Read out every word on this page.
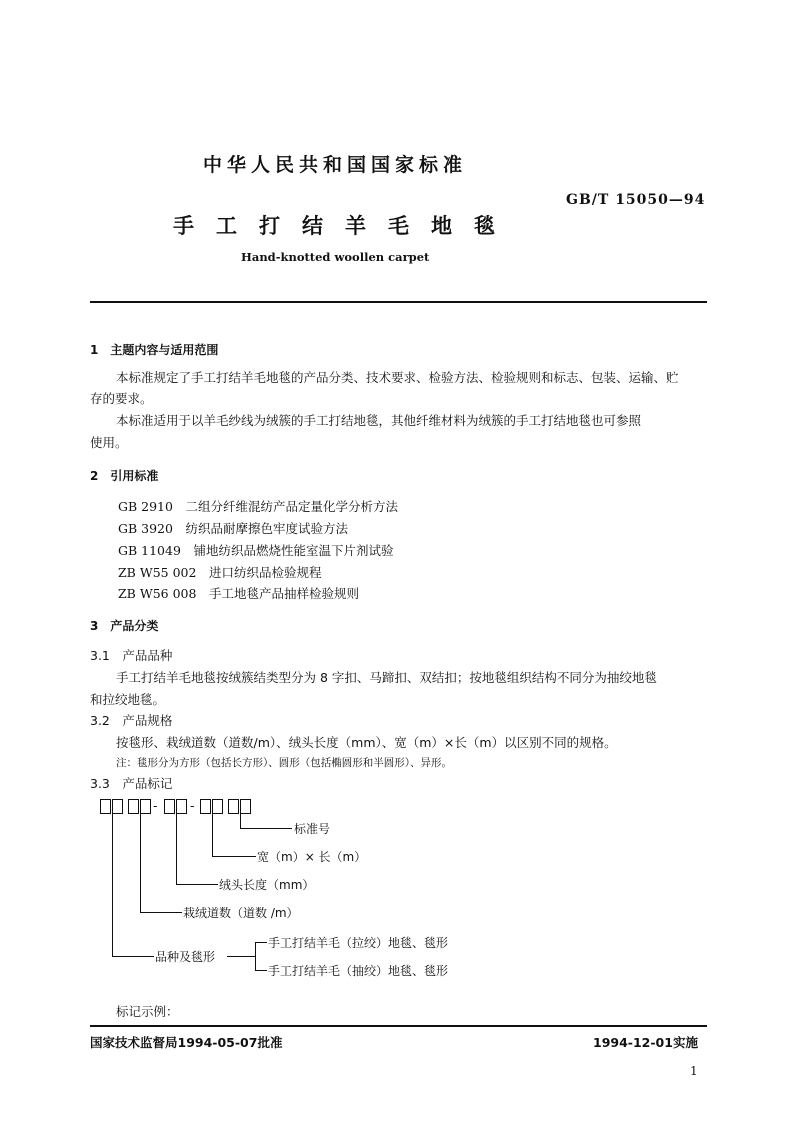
中华人民共和国国家标准
GB/T 15050—94
手工打结羊毛地毯
Hand-knotted woollen carpet
1　主题内容与适用范围
本标准规定了手工打结羊毛地毯的产品分类、技术要求、检验方法、检验规则和标志、包装、运输、贮
存的要求。
本标准适用于以羊毛纱线为绒簇的手工打结地毯，其他纤维材料为绒簇的手工打结地毯也可参照
使用。
2　引用标准
GB 2910　 二组分纤维混纺产品定量化学分析方法
GB 3920　 纺织品耐摩擦色牢度试验方法
GB 11049　 铺地纺织品燃烧性能室温下片剂试验
ZB W55 002　 进口纺织品检验规程
ZB W56 008　 手工地毯产品抽样检验规则
3　产品分类
3.1　产品品种
手工打结羊毛地毯按绒簇结类型分为 8 字扣、马蹄扣、双结扣；按地毯组织结构不同分为抽绞地毯
和拉绞地毯。
3.2　产品规格
按毯形、栽绒道数（道数/m）、绒头长度（mm）、宽（m）×长（m）以区别不同的规格。
注：毯形分为方形（包括长方形）、圆形（包括椭圆形和半圆形）、异形。
3.3　产品标记
-	-
标准号
宽（m）× 长（m）
绒头长度（mm）
栽绒道数（道数 /m）
品种及毯形
手工打结羊毛（拉绞）地毯、毯形
手工打结羊毛（抽绞）地毯、毯形
标记示例：
国家技术监督局1994-05-07批准	1994-12-01实施
1
